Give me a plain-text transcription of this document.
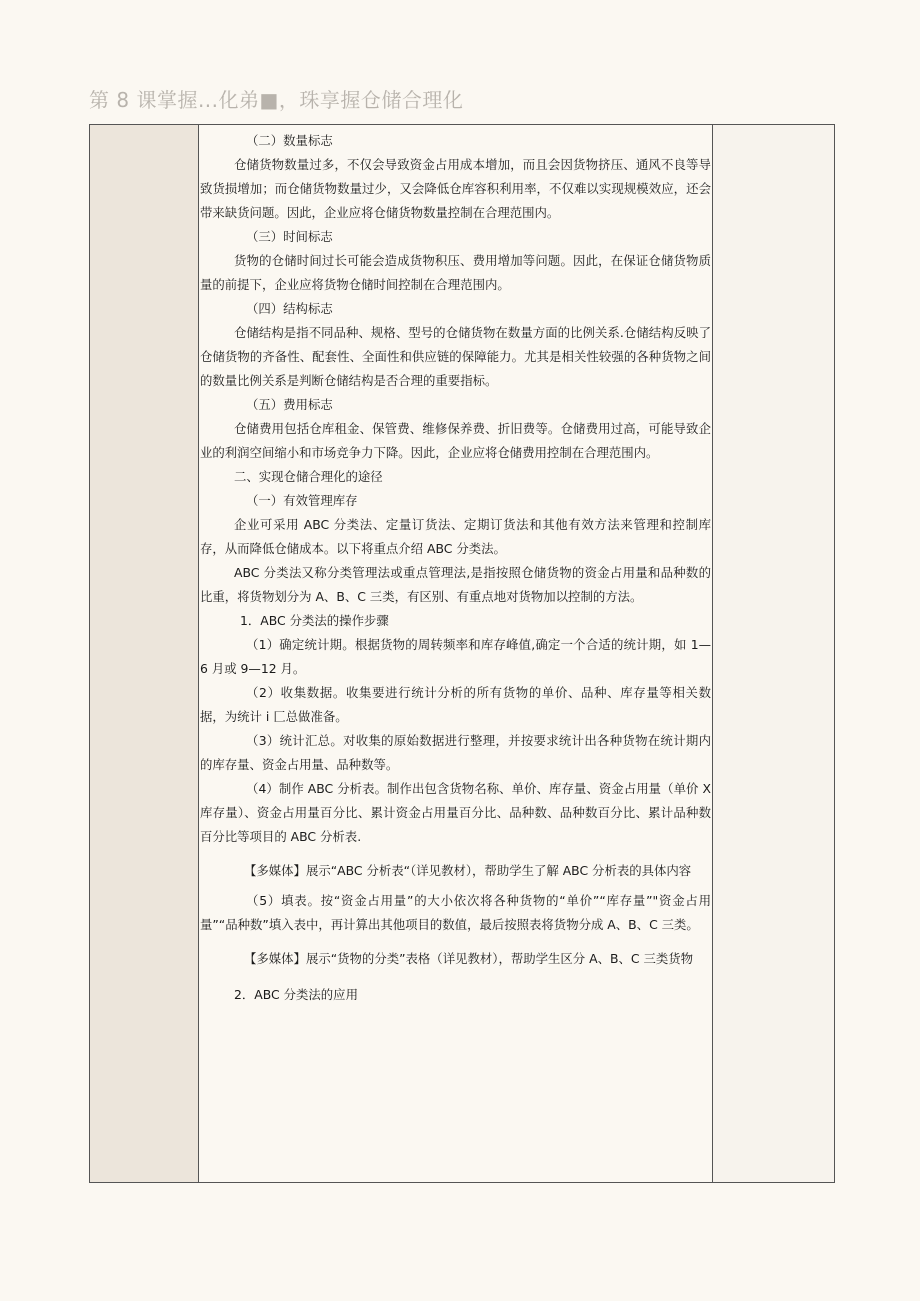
第 8 课掌握...化弟■，珠享握仓储合理化

（二）数量标志

仓储货物数量过多，不仅会导致资金占用成本增加，而且会因货物挤压、通风不良等导致货损增加；而仓储货物数量过少，又会降低仓库容积利用率，不仅难以实现规模效应，还会带来缺货问题。因此，企业应将仓储货物数量控制在合理范围内。

（三）时间标志

货物的仓储时间过长可能会造成货物积压、费用增加等问题。因此，在保证仓储货物质量的前提下，企业应将货物仓储时间控制在合理范围内。

（四）结构标志

仓储结构是指不同品种、规格、型号的仓储货物在数量方面的比例关系.仓储结构反映了仓储货物的齐备性、配套性、全面性和供应链的保障能力。尤其是相关性较强的各种货物之间的数量比例关系是判断仓储结构是否合理的重要指标。

（五）费用标志

仓储费用包括仓库租金、保管费、维修保养费、折旧费等。仓储费用过高，可能导致企业的利润空间缩小和市场竞争力下降。因此，企业应将仓储费用控制在合理范围内。

二、实现仓储合理化的途径

（一）有效管理库存

企业可采用 ABC 分类法、定量订货法、定期订货法和其他有效方法来管理和控制库存，从而降低仓储成本。以下将重点介绍 ABC 分类法。

ABC 分类法又称分类管理法或重点管理法,是指按照仓储货物的资金占用量和品种数的比重，将货物划分为 A、B、C 三类，有区别、有重点地对货物加以控制的方法。

1．ABC 分类法的操作步骤

（1）确定统计期。根据货物的周转频率和库存峰值,确定一个合适的统计期，如 1—6 月或 9—12 月。

（2）收集数据。收集要进行统计分析的所有货物的单价、品种、库存量等相关数据，为统计 i 匚总做准备。

（3）统计汇总。对收集的原始数据进行整理，并按要求统计出各种货物在统计期内的库存量、资金占用量、品种数等。

（4）制作 ABC 分析表。制作出包含货物名称、单价、库存量、资金占用量（单价 X 库存量）、资金占用量百分比、累计资金占用量百分比、品种数、品种数百分比、累计品种数百分比等项目的 ABC 分析表.

【多媒体】展示“ABC 分析表“（详见教材），帮助学生了解 ABC 分析表的具体内容

（5）填表。按“资金占用量”的大小依次将各种货物的“单价”“库存量”"资金占用量”“品种数”填入表中，再计算出其他项目的数值，最后按照表将货物分成 A、B、C 三类。

【多媒体】展示“货物的分类”表格（详见教材），帮助学生区分 A、B、C 三类货物

2．ABC 分类法的应用
